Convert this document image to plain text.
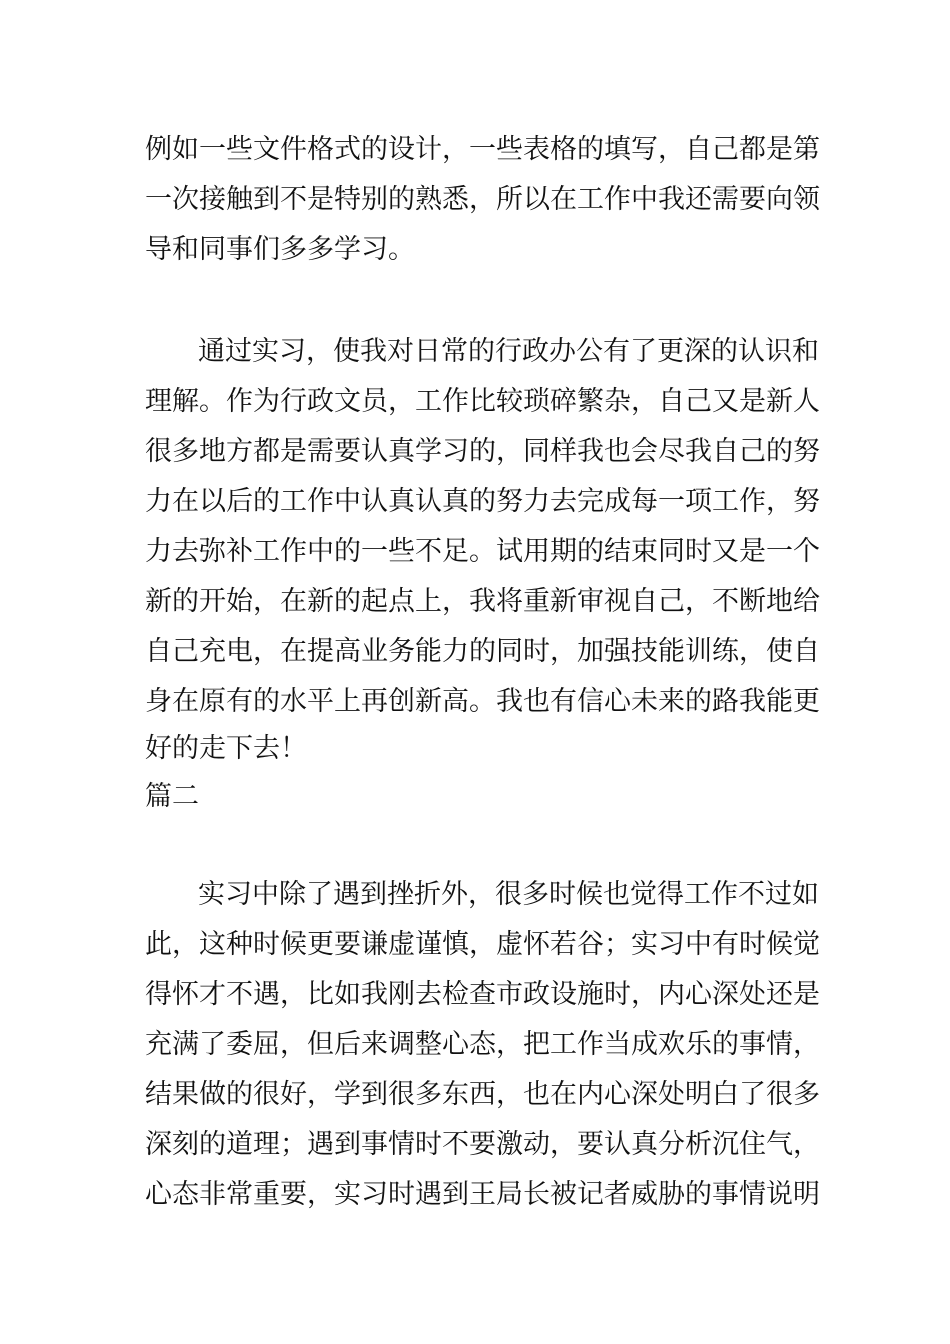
例如一些文件格式的设计，一些表格的填写，自己都是第
一次接触到不是特别的熟悉，所以在工作中我还需要向领
导和同事们多多学习。
通过实习，使我对日常的行政办公有了更深的认识和
理解。作为行政文员，工作比较琐碎繁杂，自己又是新人
很多地方都是需要认真学习的，同样我也会尽我自己的努
力在以后的工作中认真认真的努力去完成每一项工作，努
力去弥补工作中的一些不足。试用期的结束同时又是一个
新的开始，在新的起点上，我将重新审视自己，不断地给
自己充电，在提高业务能力的同时，加强技能训练，使自
身在原有的水平上再创新高。我也有信心未来的路我能更
好的走下去！
篇二
实习中除了遇到挫折外，很多时候也觉得工作不过如
此，这种时候更要谦虚谨慎，虚怀若谷；实习中有时候觉
得怀才不遇，比如我刚去检查市政设施时，内心深处还是
充满了委屈，但后来调整心态，把工作当成欢乐的事情，
结果做的很好，学到很多东西，也在内心深处明白了很多
深刻的道理；遇到事情时不要激动，要认真分析沉住气，
心态非常重要，实习时遇到王局长被记者威胁的事情说明
